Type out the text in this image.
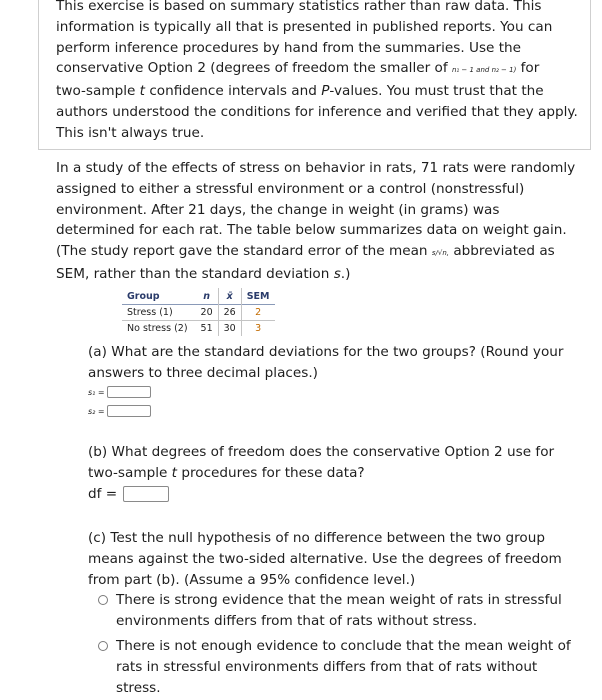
This exercise is based on summary statistics rather than raw data. This
information is typically all that is presented in published reports. You can
perform inference procedures by hand from the summaries. Use the
conservative Option 2 (degrees of freedom the smaller of n₁ − 1 and n₂ − 1) for
two-sample t confidence intervals and P-values. You must trust that the
authors understood the conditions for inference and verified that they apply.
This isn't always true.
In a study of the effects of stress on behavior in rats, 71 rats were randomly
assigned to either a stressful environment or a control (nonstressful)
environment. After 21 days, the change in weight (in grams) was
determined for each rat. The table below summarizes data on weight gain.
(The study report gave the standard error of the mean s/√n, abbreviated as
SEM, rather than the standard deviation s.)
Group	n	x̄	SEM
Stress (1)	20	26	2
No stress (2)	51	30	3
(a) What are the standard deviations for the two groups? (Round your
answers to three decimal places.)
s₁ =
s₂ =
(b) What degrees of freedom does the conservative Option 2 use for
two-sample t procedures for these data?
df =
(c) Test the null hypothesis of no difference between the two group
means against the two-sided alternative. Use the degrees of freedom
from part (b). (Assume a 95% confidence level.)
There is strong evidence that the mean weight of rats in stressful
environments differs from that of rats without stress.
There is not enough evidence to conclude that the mean weight of
rats in stressful environments differs from that of rats without
stress.
